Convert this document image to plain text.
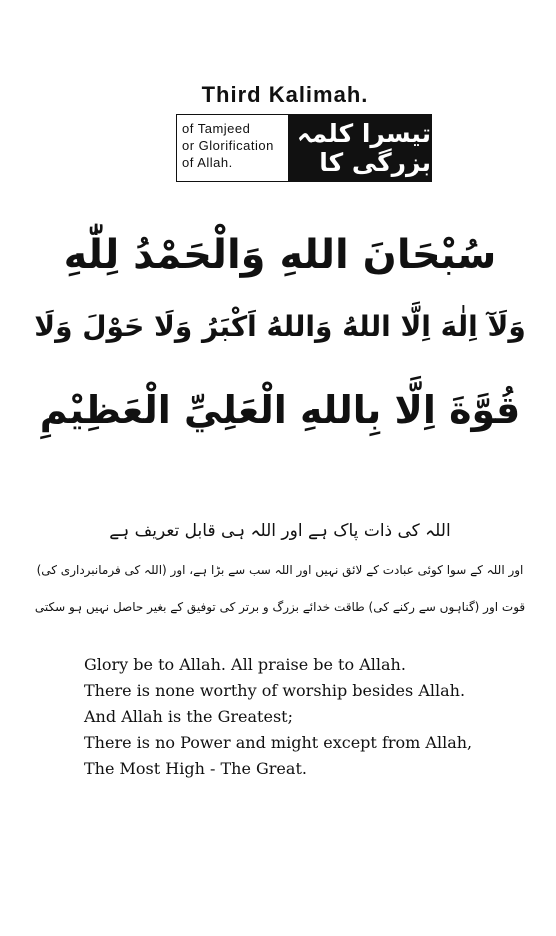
Third Kalimah.
of Tamjeed
or Glorification
of Allah.
تیسرا کلمہ بزرگی کا
سُبْحَانَ اللهِ وَالْحَمْدُ لِلّٰهِ
وَلَآ اِلٰهَ اِلَّا اللهُ وَاللهُ اَكْبَرُ وَلَا حَوْلَ وَلَا
قُوَّةَ اِلَّا بِاللهِ الْعَلِيِّ الْعَظِيْمِ
اللہ کی ذات پاک ہے اور اللہ ہی قابل تعریف ہے
اور اللہ کے سوا کوئی عبادت کے لائق نہیں اور اللہ سب سے بڑا ہے، اور (اللہ کی فرمانبرداری کی)
قوت اور (گناہوں سے رکنے کی) طاقت خدائے بزرگ و برتر کی توفیق کے بغیر حاصل نہیں ہو سکتی
Glory be to Allah. All praise be to Allah.
There is none worthy of worship besides Allah.
And Allah is the Greatest;
There is no Power and might except from Allah,
The Most High - The Great.
